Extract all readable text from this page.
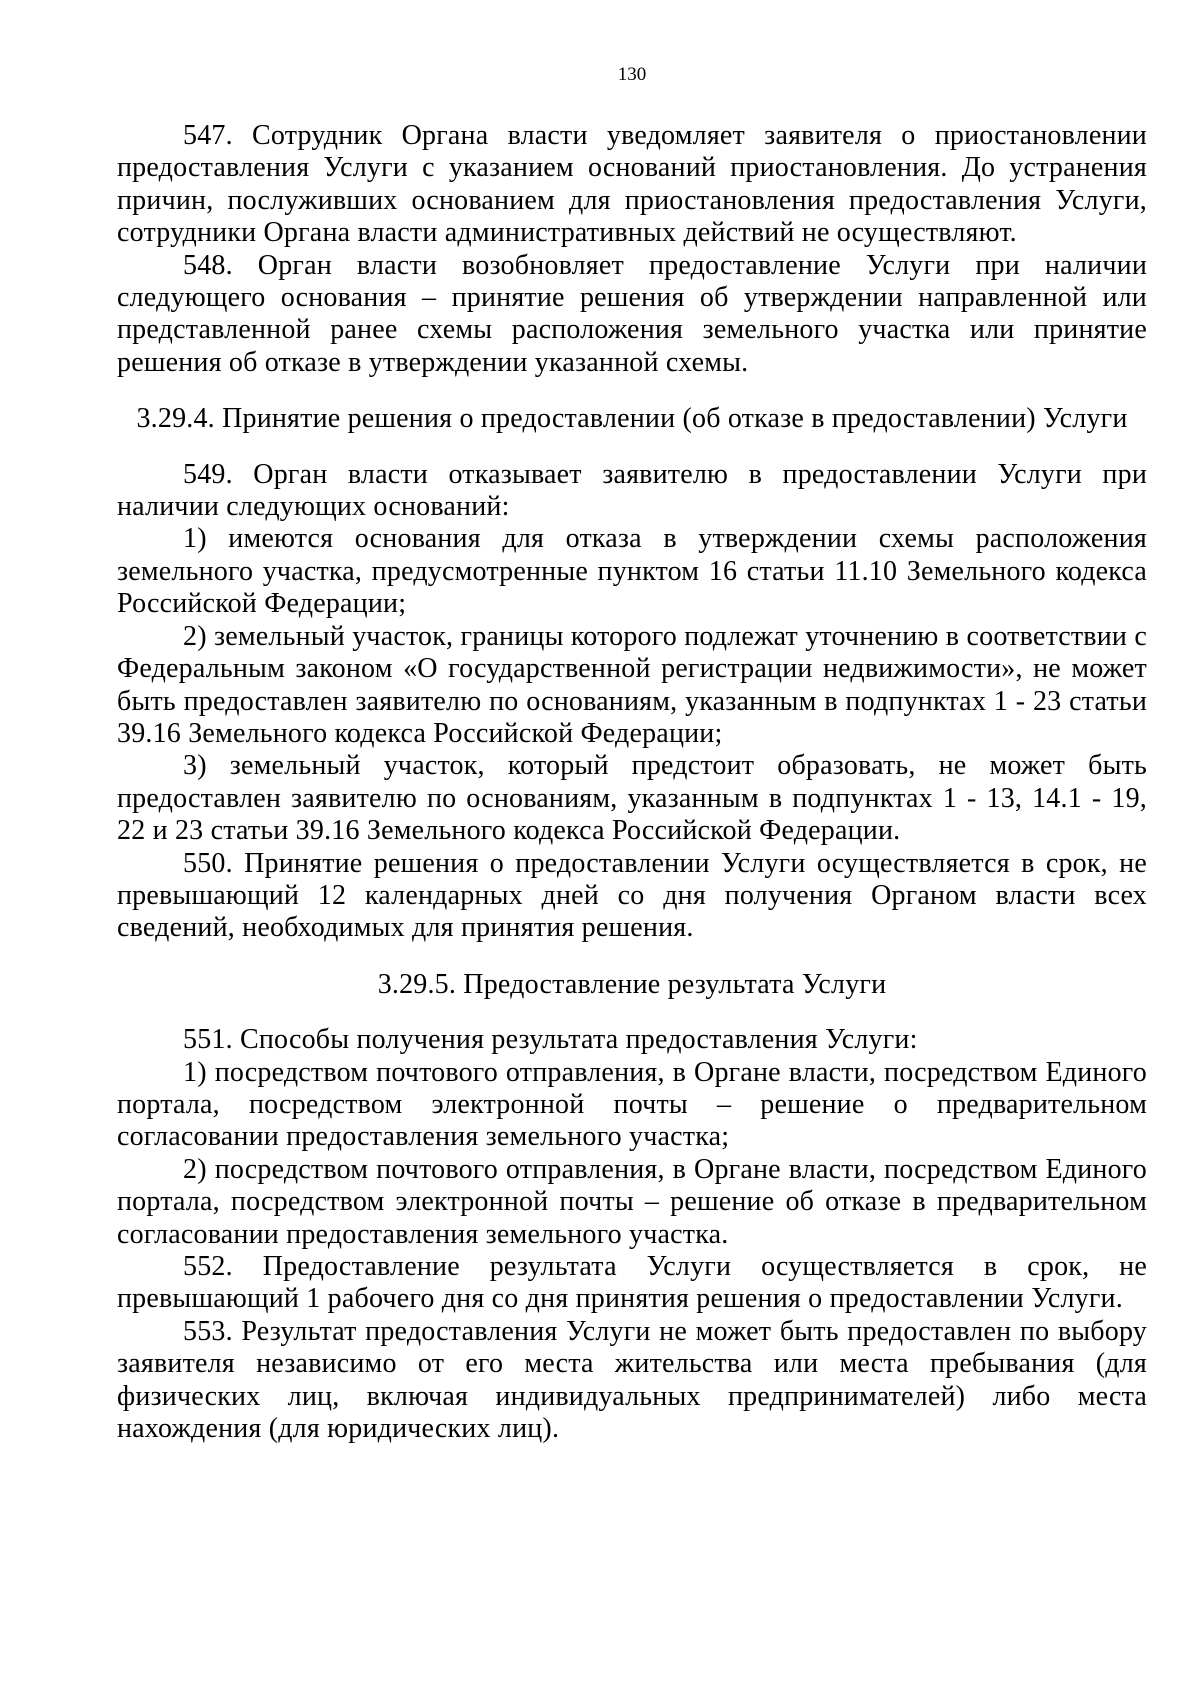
130

547. Сотрудник Органа власти уведомляет заявителя о приостановлении предоставления Услуги с указанием оснований приостановления. До устранения причин, послуживших основанием для приостановления предоставления Услуги, сотрудники Органа власти административных действий не осуществляют.

548. Орган власти возобновляет предоставление Услуги при наличии следующего основания – принятие решения об утверждении направленной или представленной ранее схемы расположения земельного участка или принятие решения об отказе в утверждении указанной схемы.

3.29.4. Принятие решения о предоставлении (об отказе в предоставлении) Услуги

549. Орган власти отказывает заявителю в предоставлении Услуги при наличии следующих оснований:

1) имеются основания для отказа в утверждении схемы расположения земельного участка, предусмотренные пунктом 16 статьи 11.10 Земельного кодекса Российской Федерации;

2) земельный участок, границы которого подлежат уточнению в соответствии с Федеральным законом «О государственной регистрации недвижимости», не может быть предоставлен заявителю по основаниям, указанным в подпунктах 1 - 23 статьи 39.16 Земельного кодекса Российской Федерации;

3) земельный участок, который предстоит образовать, не может быть предоставлен заявителю по основаниям, указанным в подпунктах 1 - 13, 14.1 - 19, 22 и 23 статьи 39.16 Земельного кодекса Российской Федерации.

550. Принятие решения о предоставлении Услуги осуществляется в срок, не превышающий 12 календарных дней со дня получения Органом власти всех сведений, необходимых для принятия решения.

3.29.5. Предоставление результата Услуги

551. Способы получения результата предоставления Услуги:

1) посредством почтового отправления, в Органе власти, посредством Единого портала, посредством электронной почты – решение о предварительном согласовании предоставления земельного участка;

2) посредством почтового отправления, в Органе власти, посредством Единого портала, посредством электронной почты – решение об отказе в предварительном согласовании предоставления земельного участка.

552. Предоставление результата Услуги осуществляется в срок, не превышающий 1 рабочего дня со дня принятия решения о предоставлении Услуги.

553. Результат предоставления Услуги не может быть предоставлен по выбору заявителя независимо от его места жительства или места пребывания (для физических лиц, включая индивидуальных предпринимателей) либо места нахождения (для юридических лиц).
